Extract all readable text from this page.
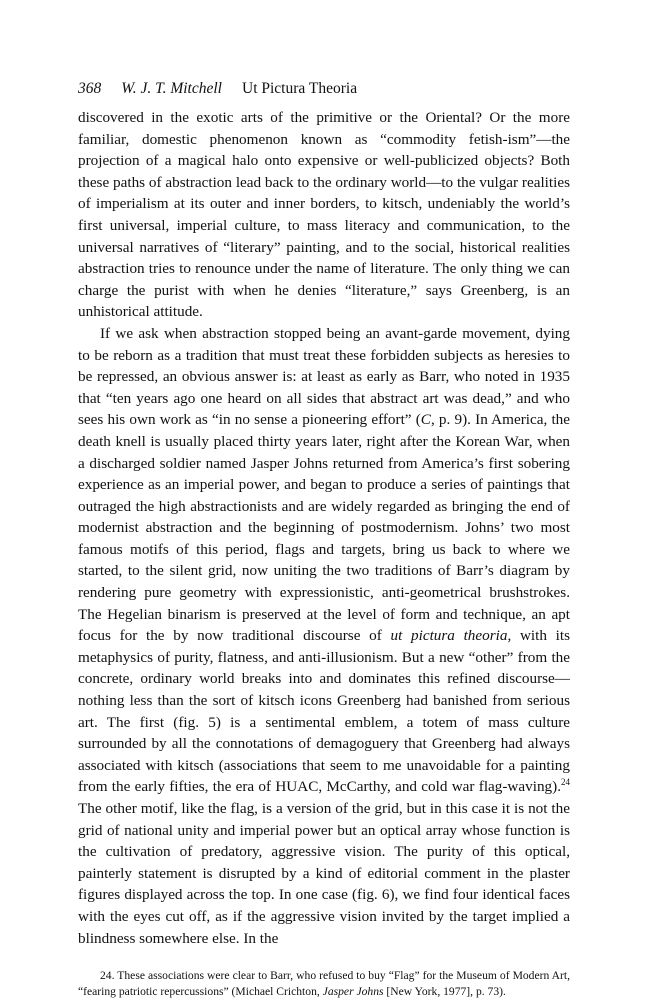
368 W. J. T. Mitchell Ut Pictura Theoria

discovered in the exotic arts of the primitive or the Oriental? Or the more familiar, domestic phenomenon known as “commodity fetish-ism”—the projection of a magical halo onto expensive or well-publicized objects? Both these paths of abstraction lead back to the ordinary world—to the vulgar realities of imperialism at its outer and inner borders, to kitsch, undeniably the world’s first universal, imperial culture, to mass literacy and communication, to the universal narratives of “literary” painting, and to the social, historical realities abstraction tries to renounce under the name of literature. The only thing we can charge the purist with when he denies “literature,” says Greenberg, is an unhistorical attitude.

If we ask when abstraction stopped being an avant-garde movement, dying to be reborn as a tradition that must treat these forbidden subjects as heresies to be repressed, an obvious answer is: at least as early as Barr, who noted in 1935 that “ten years ago one heard on all sides that abstract art was dead,” and who sees his own work as “in no sense a pioneering effort” (C, p. 9). In America, the death knell is usually placed thirty years later, right after the Korean War, when a discharged soldier named Jasper Johns returned from America’s first sobering experience as an imperial power, and began to produce a series of paintings that outraged the high abstractionists and are widely regarded as bringing the end of modernist abstraction and the beginning of postmodernism. Johns’ two most famous motifs of this period, flags and targets, bring us back to where we started, to the silent grid, now uniting the two traditions of Barr’s diagram by rendering pure geometry with expressionistic, anti-geometrical brushstrokes. The Hegelian binarism is preserved at the level of form and technique, an apt focus for the by now traditional discourse of ut pictura theoria, with its metaphysics of purity, flatness, and anti-illusionism. But a new “other” from the concrete, ordinary world breaks into and dominates this refined discourse—nothing less than the sort of kitsch icons Greenberg had banished from serious art. The first (fig. 5) is a sentimental emblem, a totem of mass culture surrounded by all the connotations of demagoguery that Greenberg had always associated with kitsch (associations that seem to me unavoidable for a painting from the early fifties, the era of HUAC, McCarthy, and cold war flag-waving).$^{24}$ The other motif, like the flag, is a version of the grid, but in this case it is not the grid of national unity and imperial power but an optical array whose function is the cultivation of predatory, aggressive vision. The purity of this optical, painterly statement is disrupted by a kind of editorial comment in the plaster figures displayed across the top. In one case (fig. 6), we find four identical faces with the eyes cut off, as if the aggressive vision invited by the target implied a blindness somewhere else. In the

24. These associations were clear to Barr, who refused to buy “Flag” for the Museum of Modern Art, “fearing patriotic repercussions” (Michael Crichton, Jasper Johns [New York, 1977], p. 73).
